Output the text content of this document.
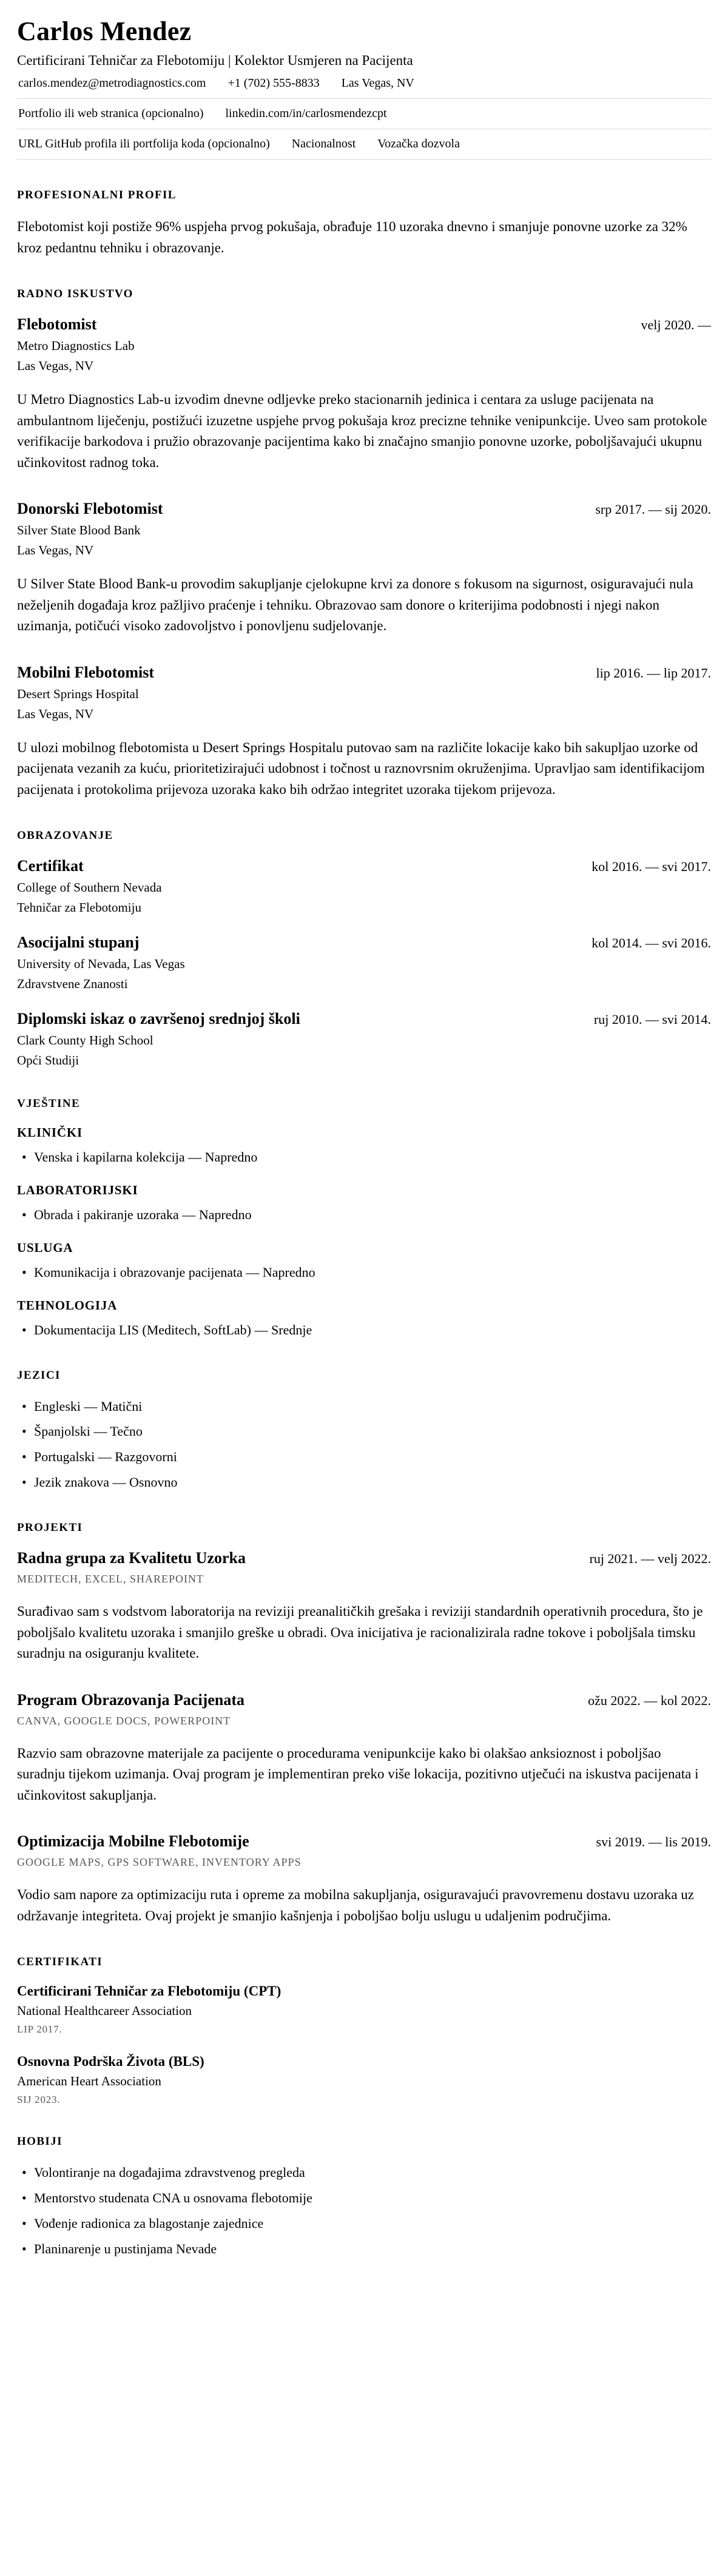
Carlos Mendez
Certificirani Tehničar za Flebotomiju | Kolektor Usmjeren na Pacijenta
carlos.mendez@metrodiagnostics.com +1 (702) 555-8833 Las Vegas, NV
Portfolio ili web stranica (opcionalno) linkedin.com/in/carlosmendezcpt
URL GitHub profila ili portfolija koda (opcionalno) Nacionalnost Vozačka dozvola
PROFESIONALNI PROFIL

Flebotomist koji postiže 96% uspjeha prvog pokušaja, obrađuje 110 uzoraka dnevno i smanjuje ponovne uzorke za 32% kroz pedantnu tehniku i obrazovanje.

RADNO ISKUSTVO
Flebotomist	velj 2020. —
Metro Diagnostics Lab
Las Vegas, NV

U Metro Diagnostics Lab-u izvodim dnevne odljevke preko stacionarnih jedinica i centara za usluge pacijenata na ambulantnom liječenju, postižući izuzetne uspjehe prvog pokušaja kroz precizne tehnike venipunkcije. Uveo sam protokole verifikacije barkodova i pružio obrazovanje pacijentima kako bi značajno smanjio ponovne uzorke, poboljšavajući ukupnu učinkovitost radnog toka.

Donorski Flebotomist	srp 2017. — sij 2020.
Silver State Blood Bank
Las Vegas, NV

U Silver State Blood Bank-u provodim sakupljanje cjelokupne krvi za donore s fokusom na sigurnost, osiguravajući nula neželjenih događaja kroz pažljivo praćenje i tehniku. Obrazovao sam donore o kriterijima podobnosti i njegi nakon uzimanja, potičući visoko zadovoljstvo i ponovljenu sudjelovanje.

Mobilni Flebotomist	lip 2016. — lip 2017.
Desert Springs Hospital
Las Vegas, NV

U ulozi mobilnog flebotomista u Desert Springs Hospitalu putovao sam na različite lokacije kako bih sakupljao uzorke od pacijenata vezanih za kuću, prioritetizirajući udobnost i točnost u raznovrsnim okruženjima. Upravljao sam identifikacijom pacijenata i protokolima prijevoza uzoraka kako bih održao integritet uzoraka tijekom prijevoza.

OBRAZOVANJE
Certifikat	kol 2016. — svi 2017.
College of Southern Nevada
Tehničar za Flebotomiju
Asocijalni stupanj	kol 2014. — svi 2016.
University of Nevada, Las Vegas
Zdravstvene Znanosti
Diplomski iskaz o završenoj srednjoj školi	ruj 2010. — svi 2014.
Clark County High School
Opći Studiji
VJEŠTINE
KLINIČKI
• Venska i kapilarna kolekcija — Napredno
LABORATORIJSKI
• Obrada i pakiranje uzoraka — Napredno
USLUGA
• Komunikacija i obrazovanje pacijenata — Napredno
TEHNOLOGIJA
• Dokumentacija LIS (Meditech, SoftLab) — Srednje
JEZICI
• Engleski — Matični
• Španjolski — Tečno
• Portugalski — Razgovorni
• Jezik znakova — Osnovno
PROJEKTI
Radna grupa za Kvalitetu Uzorka	ruj 2021. — velj 2022.
MEDITECH, EXCEL, SHAREPOINT

Surađivao sam s vodstvom laboratorija na reviziji preanalitičkih grešaka i reviziji standardnih operativnih procedura, što je poboljšalo kvalitetu uzoraka i smanjilo greške u obradi. Ova inicijativa je racionalizirala radne tokove i poboljšala timsku suradnju na osiguranju kvalitete.

Program Obrazovanja Pacijenata	ožu 2022. — kol 2022.
CANVA, GOOGLE DOCS, POWERPOINT

Razvio sam obrazovne materijale za pacijente o procedurama venipunkcije kako bi olakšao anksioznost i poboljšao suradnju tijekom uzimanja. Ovaj program je implementiran preko više lokacija, pozitivno utječući na iskustva pacijenata i učinkovitost sakupljanja.

Optimizacija Mobilne Flebotomije	svi 2019. — lis 2019.
GOOGLE MAPS, GPS SOFTWARE, INVENTORY APPS

Vodio sam napore za optimizaciju ruta i opreme za mobilna sakupljanja, osiguravajući pravovremenu dostavu uzoraka uz održavanje integriteta. Ovaj projekt je smanjio kašnjenja i poboljšao bolju uslugu u udaljenim područjima.

CERTIFIKATI
Certificirani Tehničar za Flebotomiju (CPT)
National Healthcareer Association
LIP 2017.
Osnovna Podrška Života (BLS)
American Heart Association
SIJ 2023.
HOBIJI
• Volontiranje na događajima zdravstvenog pregleda
• Mentorstvo studenata CNA u osnovama flebotomije
• Vođenje radionica za blagostanje zajednice
• Planinarenje u pustinjama Nevade
